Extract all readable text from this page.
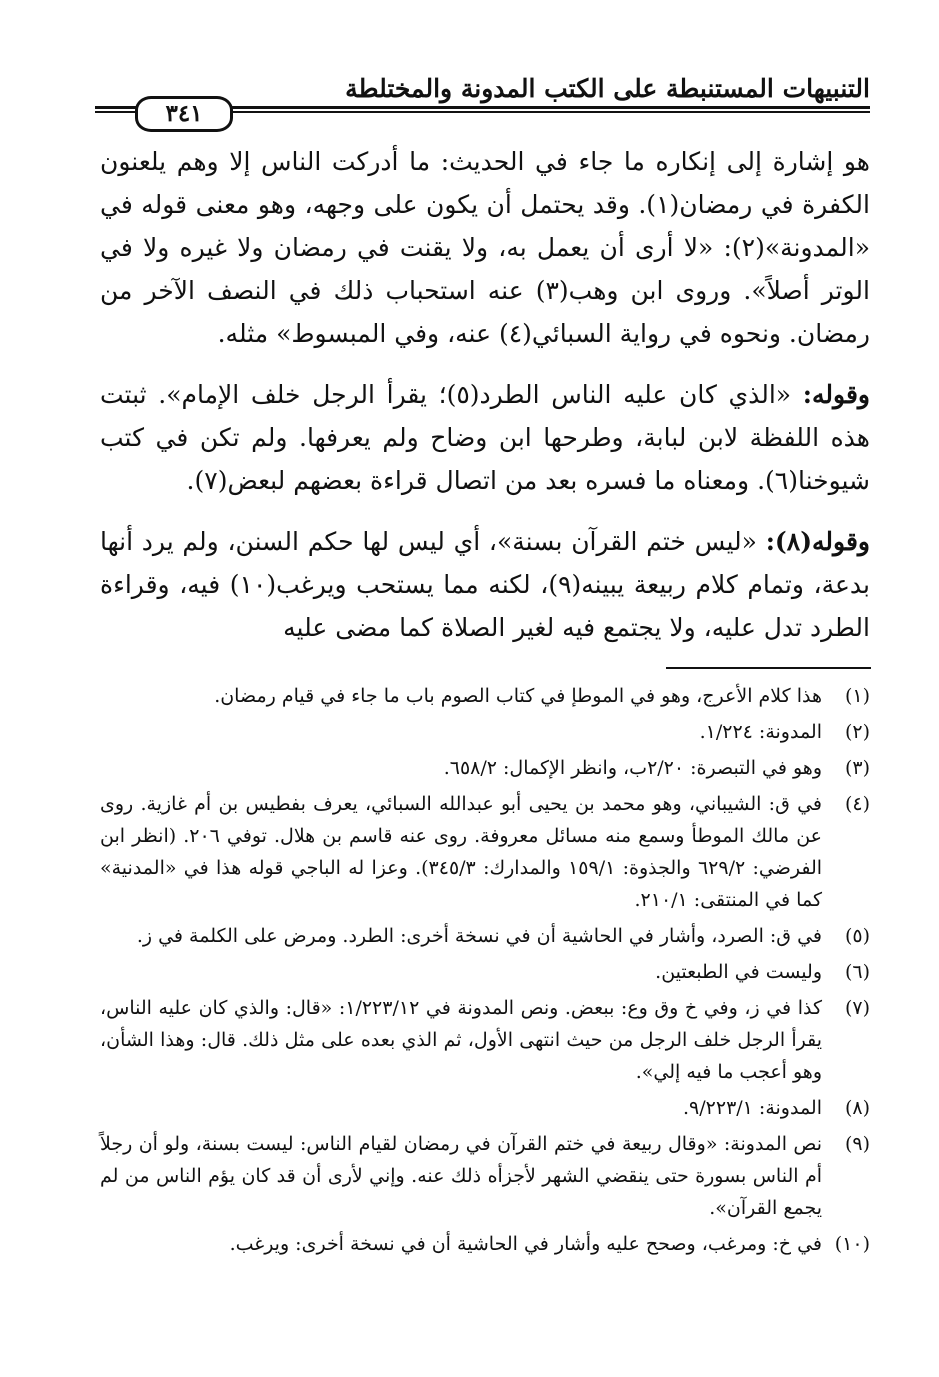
التنبيهات المستنبطة على الكتب المدونة والمختلطة
٣٤١

هو إشارة إلى إنكاره ما جاء في الحديث: ما أدركت الناس إلا وهم يلعنون الكفرة في رمضان(١). وقد يحتمل أن يكون على وجهه، وهو معنى قوله في «المدونة»(٢): «لا أرى أن يعمل به، ولا يقنت في رمضان ولا غيره ولا في الوتر أصلاً». وروى ابن وهب(٣) عنه استحباب ذلك في النصف الآخر من رمضان. ونحوه في رواية السبائي(٤) عنه، وفي المبسوط» مثله.

وقوله: «الذي كان عليه الناس الطرد(٥)؛ يقرأ الرجل خلف الإمام». ثبتت هذه اللفظة لابن لبابة، وطرحها ابن وضاح ولم يعرفها. ولم تكن في كتب شيوخنا(٦). ومعناه ما فسره بعد من اتصال قراءة بعضهم لبعض(٧).

وقوله(٨): «ليس ختم القرآن بسنة»، أي ليس لها حكم السنن، ولم يرد أنها بدعة، وتمام كلام ربيعة يبينه(٩)، لكنه مما يستحب ويرغب(١٠) فيه، وقراءة الطرد تدل عليه، ولا يجتمع فيه لغير الصلاة كما مضى عليه

(١)
هذا كلام الأعرج، وهو في الموطإ في كتاب الصوم باب ما جاء في قيام رمضان.
(٢)
المدونة: ١/٢٢٤.
(٣)
وهو في التبصرة: ٢/٢٠ب، وانظر الإكمال: ٦٥٨/٢.
(٤)
في ق: الشيباني، وهو محمد بن يحيى أبو عبدالله السبائي، يعرف بفطيس بن أم غازية. روى عن مالك الموطأ وسمع منه مسائل معروفة. روى عنه قاسم بن هلال. توفي ٢٠٦. (انظر ابن الفرضي: ٦٢٩/٢ والجذوة: ١٥٩/١ والمدارك: ٣٤٥/٣). وعزا له الباجي قوله هذا في «المدنية» كما في المنتقى: ٢١٠/١.
(٥)
في ق: الصرد، وأشار في الحاشية أن في نسخة أخرى: الطرد. ومرض على الكلمة في ز.
(٦)
وليست في الطبعتين.
(٧)
كذا في ز، وفي خ وق وع: ببعض. ونص المدونة في ١/٢٢٣/١٢: «قال: والذي كان عليه الناس، يقرأ الرجل خلف الرجل من حيث انتهى الأول، ثم الذي بعده على مثل ذلك. قال: وهذا الشأن، وهو أعجب ما فيه إلي».
(٨)
المدونة: ٩/٢٢٣/١.
(٩)
نص المدونة: «وقال ربيعة في ختم القرآن في رمضان لقيام الناس: ليست بسنة، ولو أن رجلاً أم الناس بسورة حتى ينقضي الشهر لأجزأه ذلك عنه. وإني لأرى أن قد كان يؤم الناس من لم يجمع القرآن».
(١٠)
في خ: ومرغب، وصحح عليه وأشار في الحاشية أن في نسخة أخرى: ويرغب.
